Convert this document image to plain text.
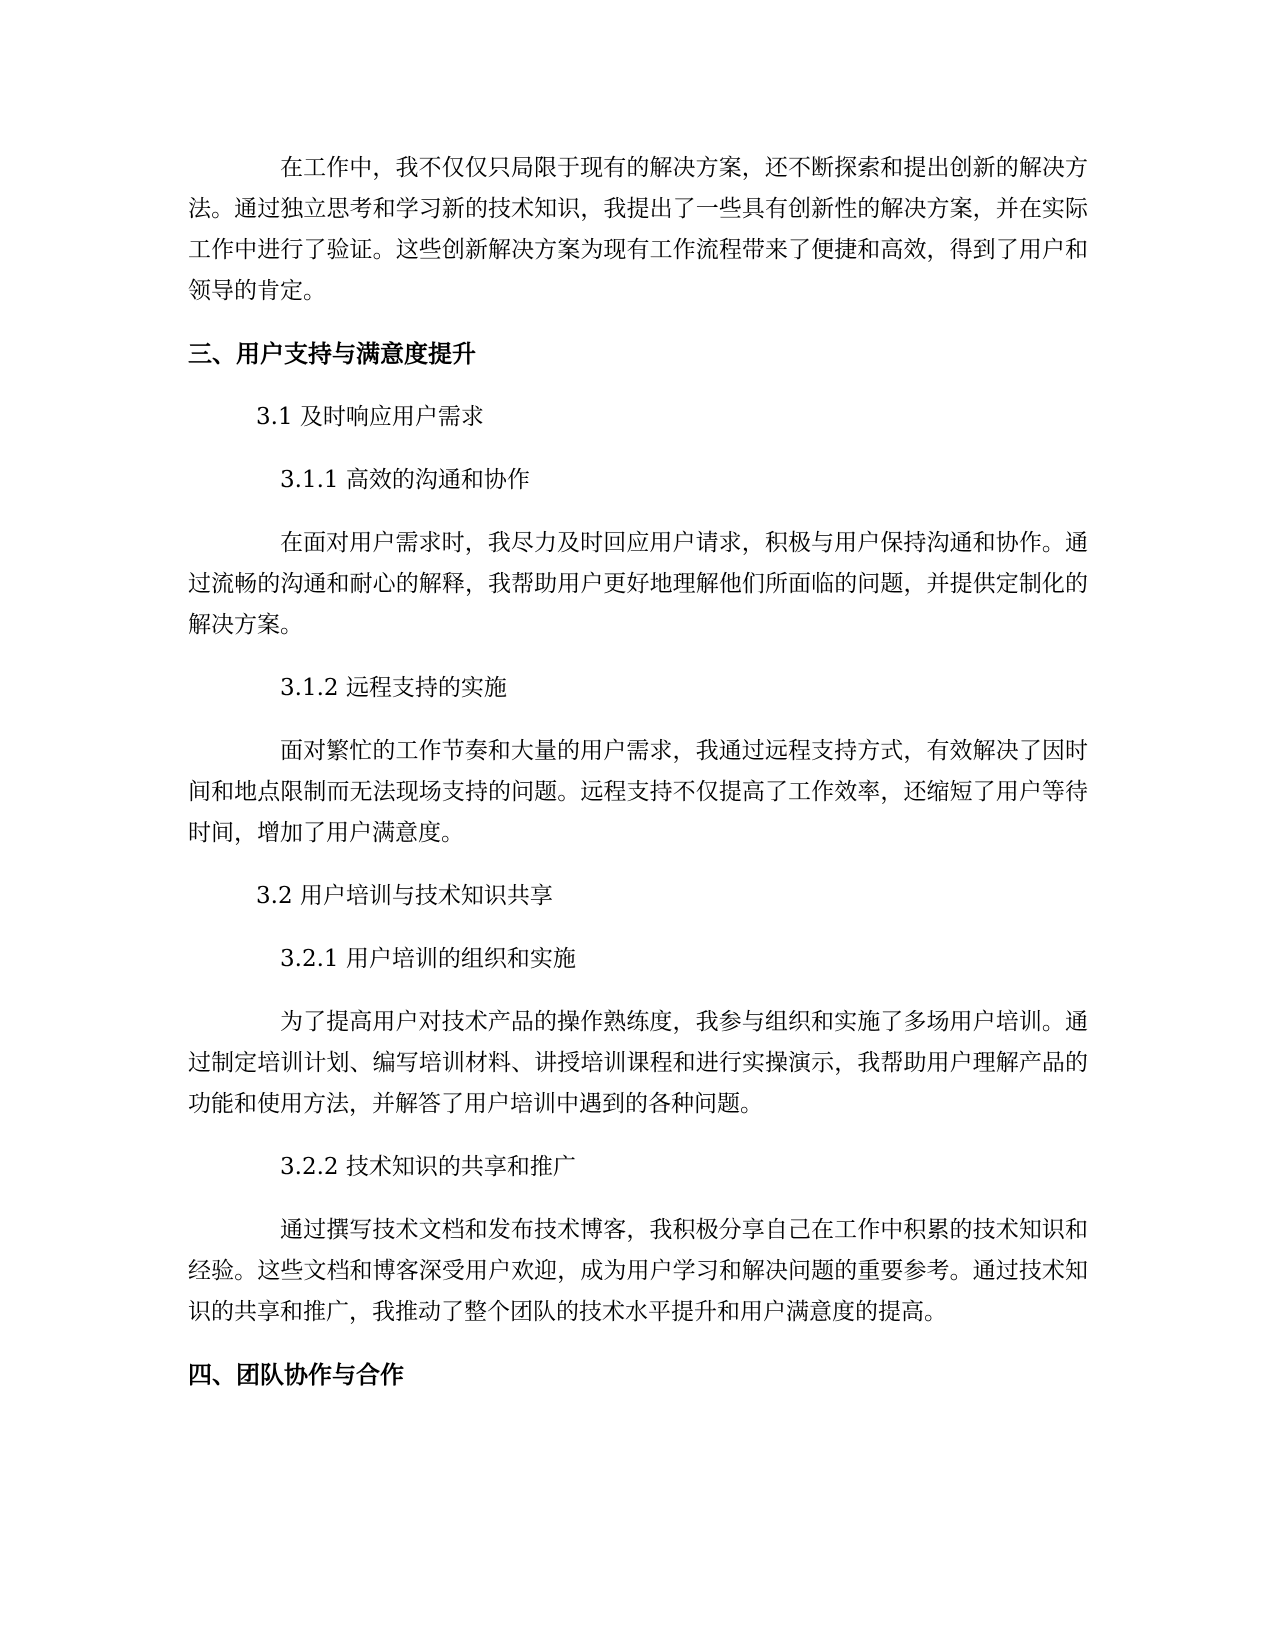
在工作中，我不仅仅只局限于现有的解决方案，还不断探索和提出创新的解决方法。通过独立思考和学习新的技术知识，我提出了一些具有创新性的解决方案，并在实际工作中进行了验证。这些创新解决方案为现有工作流程带来了便捷和高效，得到了用户和领导的肯定。

三、用户支持与满意度提升
3.1 及时响应用户需求
3.1.1 高效的沟通和协作

在面对用户需求时，我尽力及时回应用户请求，积极与用户保持沟通和协作。通过流畅的沟通和耐心的解释，我帮助用户更好地理解他们所面临的问题，并提供定制化的解决方案。

3.1.2 远程支持的实施

面对繁忙的工作节奏和大量的用户需求，我通过远程支持方式，有效解决了因时间和地点限制而无法现场支持的问题。远程支持不仅提高了工作效率，还缩短了用户等待时间，增加了用户满意度。

3.2 用户培训与技术知识共享
3.2.1 用户培训的组织和实施

为了提高用户对技术产品的操作熟练度，我参与组织和实施了多场用户培训。通过制定培训计划、编写培训材料、讲授培训课程和进行实操演示，我帮助用户理解产品的功能和使用方法，并解答了用户培训中遇到的各种问题。

3.2.2 技术知识的共享和推广

通过撰写技术文档和发布技术博客，我积极分享自己在工作中积累的技术知识和经验。这些文档和博客深受用户欢迎，成为用户学习和解决问题的重要参考。通过技术知识的共享和推广，我推动了整个团队的技术水平提升和用户满意度的提高。

四、团队协作与合作
